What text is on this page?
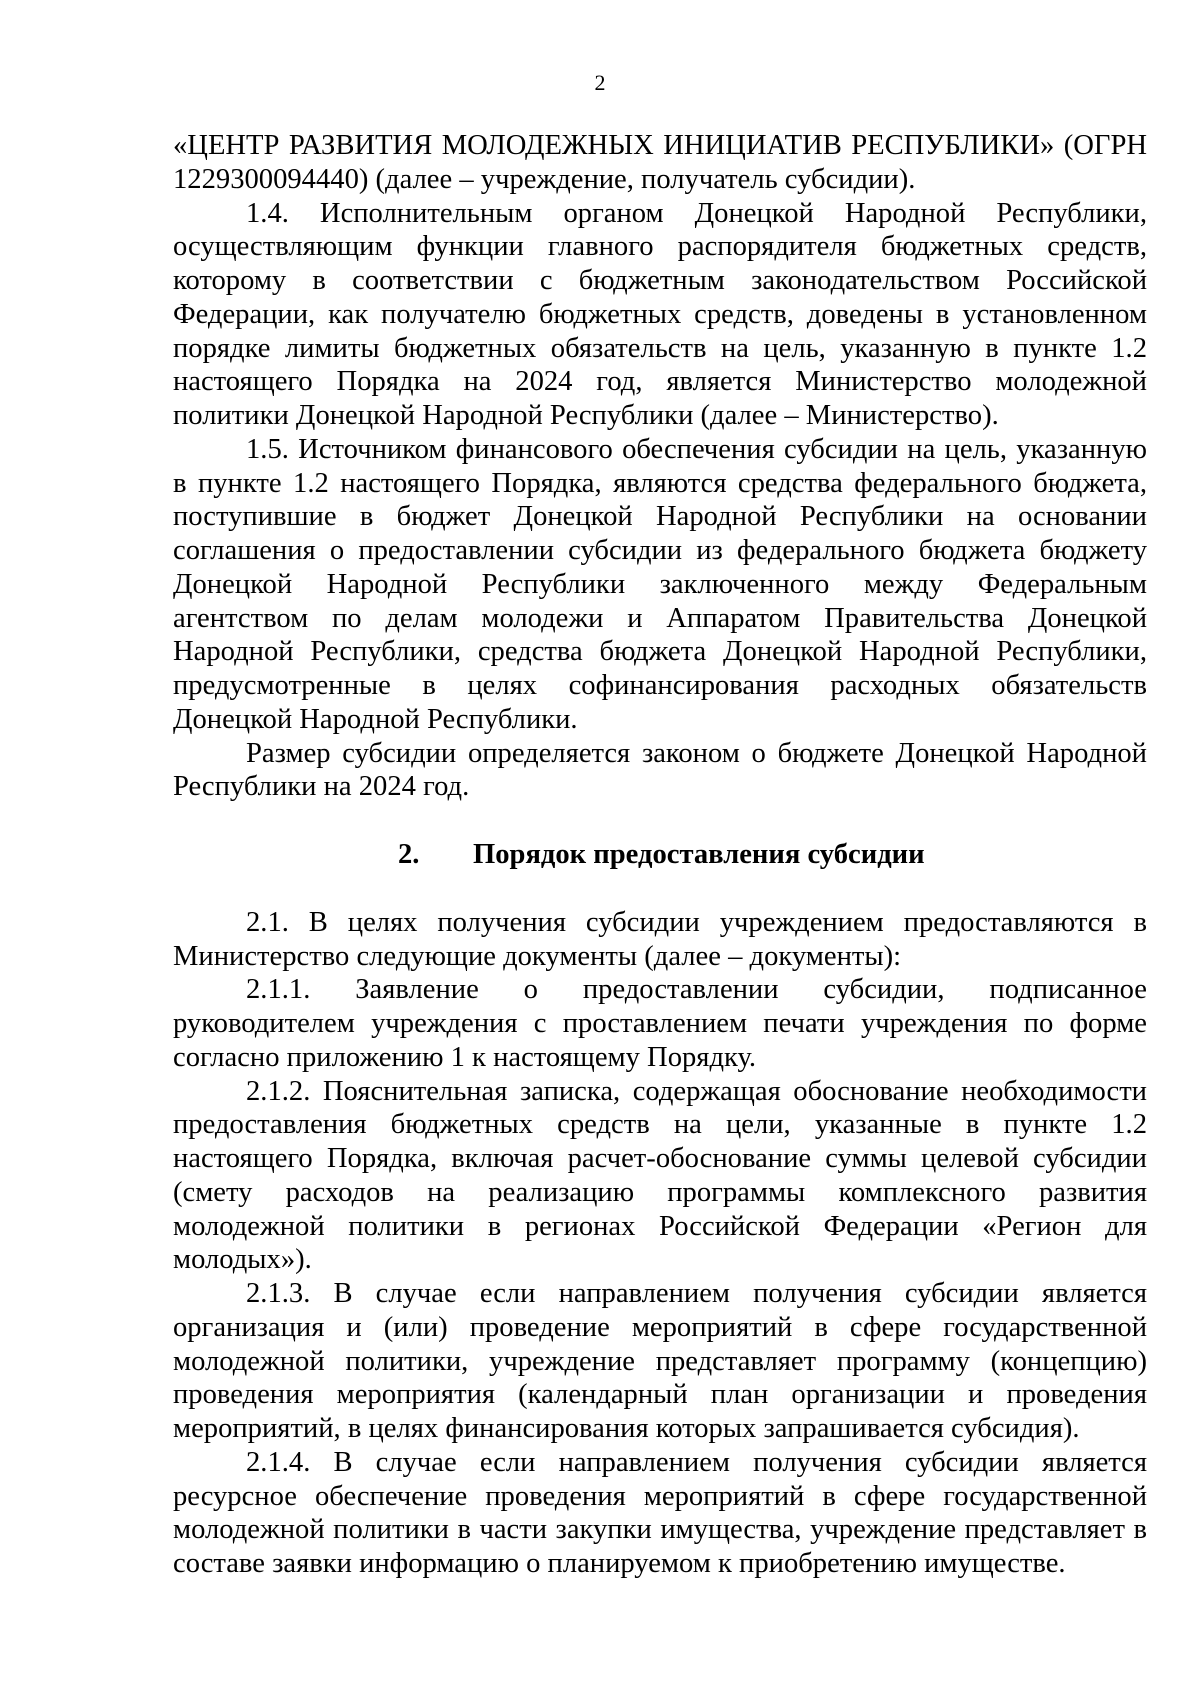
2

«ЦЕНТР РАЗВИТИЯ МОЛОДЕЖНЫХ ИНИЦИАТИВ РЕСПУБЛИКИ» (ОГРН 1229300094440) (далее – учреждение, получатель субсидии).

1.4. Исполнительным органом Донецкой Народной Республики, осуществляющим функции главного распорядителя бюджетных средств, которому в соответствии с бюджетным законодательством Российской Федерации, как получателю бюджетных средств, доведены в установленном порядке лимиты бюджетных обязательств на цель, указанную в пункте 1.2 настоящего Порядка на 2024 год, является Министерство молодежной политики Донецкой Народной Республики (далее – Министерство).

1.5. Источником финансового обеспечения субсидии на цель, указанную в пункте 1.2 настоящего Порядка, являются средства федерального бюджета, поступившие в бюджет Донецкой Народной Республики на основании соглашения о предоставлении субсидии из федерального бюджета бюджету Донецкой Народной Республики заключенного между Федеральным агентством по делам молодежи и Аппаратом Правительства Донецкой Народной Республики, средства бюджета Донецкой Народной Республики, предусмотренные в целях софинансирования расходных обязательств Донецкой Народной Республики.

Размер субсидии определяется законом о бюджете Донецкой Народной Республики на 2024 год.

2. Порядок предоставления субсидии

2.1. В целях получения субсидии учреждением предоставляются в Министерство следующие документы (далее – документы):

2.1.1. Заявление о предоставлении субсидии, подписанное руководителем учреждения с проставлением печати учреждения по форме согласно приложению 1 к настоящему Порядку.

2.1.2. Пояснительная записка, содержащая обоснование необходимости предоставления бюджетных средств на цели, указанные в пункте 1.2 настоящего Порядка, включая расчет-обоснование суммы целевой субсидии (смету расходов на реализацию программы комплексного развития молодежной политики в регионах Российской Федерации «Регион для молодых»).

2.1.3. В случае если направлением получения субсидии является организация и (или) проведение мероприятий в сфере государственной молодежной политики, учреждение представляет программу (концепцию) проведения мероприятия (календарный план организации и проведения мероприятий, в целях финансирования которых запрашивается субсидия).

2.1.4. В случае если направлением получения субсидии является ресурсное обеспечение проведения мероприятий в сфере государственной молодежной политики в части закупки имущества, учреждение представляет в составе заявки информацию о планируемом к приобретению имуществе.
